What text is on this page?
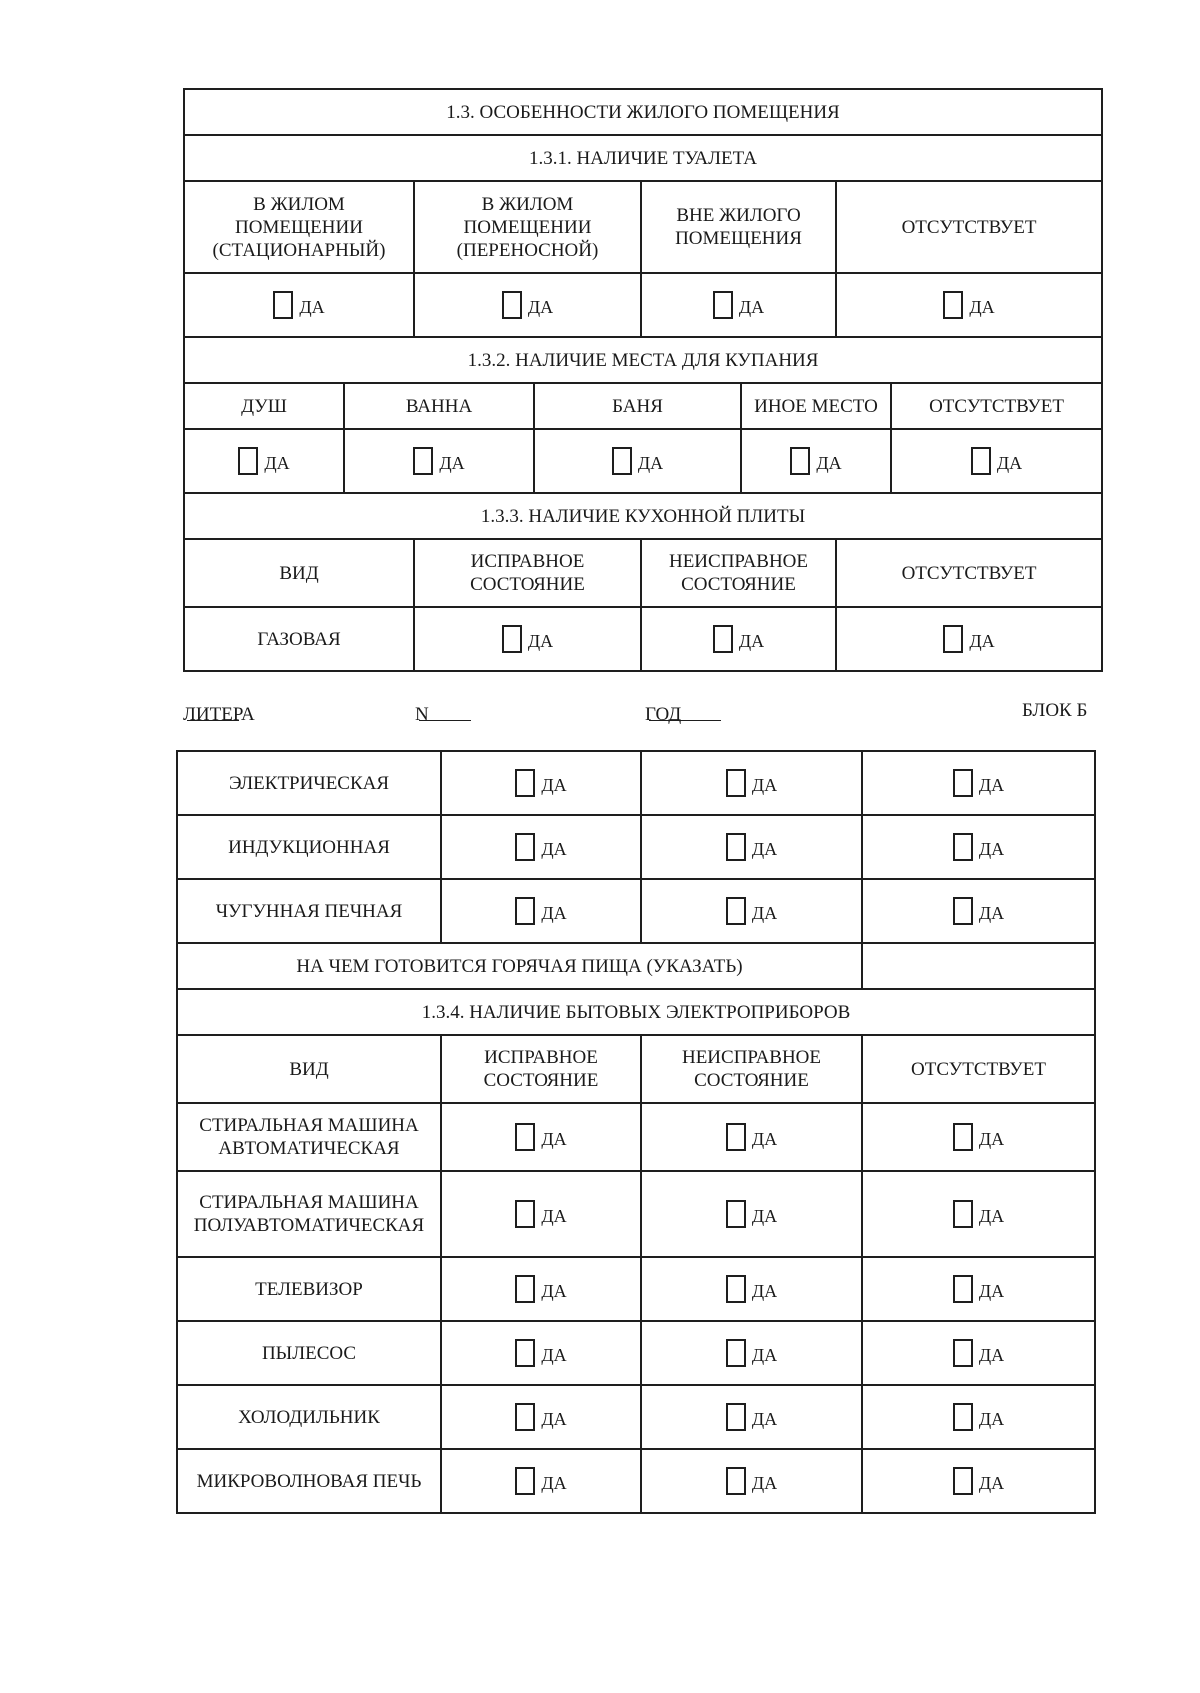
1.3. ОСОБЕННОСТИ ЖИЛОГО ПОМЕЩЕНИЯ							
1.3.1. НАЛИЧИЕ ТУАЛЕТА							
В ЖИЛОМ ПОМЕЩЕНИИ (СТАЦИОНАРНЫЙ)		В ЖИЛОМ ПОМЕЩЕНИИ (ПЕРЕНОСНОЙ)		ВНЕ ЖИЛОГО ПОМЕЩЕНИЯ		ОТСУТСТВУЕТ	
ДА		ДА		ДА		ДА	
1.3.2. НАЛИЧИЕ МЕСТА ДЛЯ КУПАНИЯ							
ДУШ	ВАННА		БАНЯ		ИНОЕ МЕСТО		ОТСУТСТВУЕТ
ДА	ДА		ДА		ДА		ДА
1.3.3. НАЛИЧИЕ КУХОННОЙ ПЛИТЫ							
ВИД		ИСПРАВНОЕ СОСТОЯНИЕ		НЕИСПРАВНОЕ СОСТОЯНИЕ		ОТСУТСТВУЕТ	
ГАЗОВАЯ		ДА		ДА		ДА	
ЛИТЕРА	N	ГОД	БЛОК Б
ЭЛЕКТРИЧЕСКАЯ	ДА	ДА	ДА
ИНДУКЦИОННАЯ	ДА	ДА	ДА
ЧУГУННАЯ ПЕЧНАЯ	ДА	ДА	ДА
НА ЧЕМ ГОТОВИТСЯ ГОРЯЧАЯ ПИЩА (УКАЗАТЬ)			
1.3.4. НАЛИЧИЕ БЫТОВЫХ ЭЛЕКТРОПРИБОРОВ			
ВИД	ИСПРАВНОЕ СОСТОЯНИЕ	НЕИСПРАВНОЕ СОСТОЯНИЕ	ОТСУТСТВУЕТ
СТИРАЛЬНАЯ МАШИНА АВТОМАТИЧЕСКАЯ	ДА	ДА	ДА
СТИРАЛЬНАЯ МАШИНА ПОЛУАВТОМАТИЧЕСКАЯ	ДА	ДА	ДА
ТЕЛЕВИЗОР	ДА	ДА	ДА
ПЫЛЕСОС	ДА	ДА	ДА
ХОЛОДИЛЬНИК	ДА	ДА	ДА
МИКРОВОЛНОВАЯ ПЕЧЬ	ДА	ДА	ДА
